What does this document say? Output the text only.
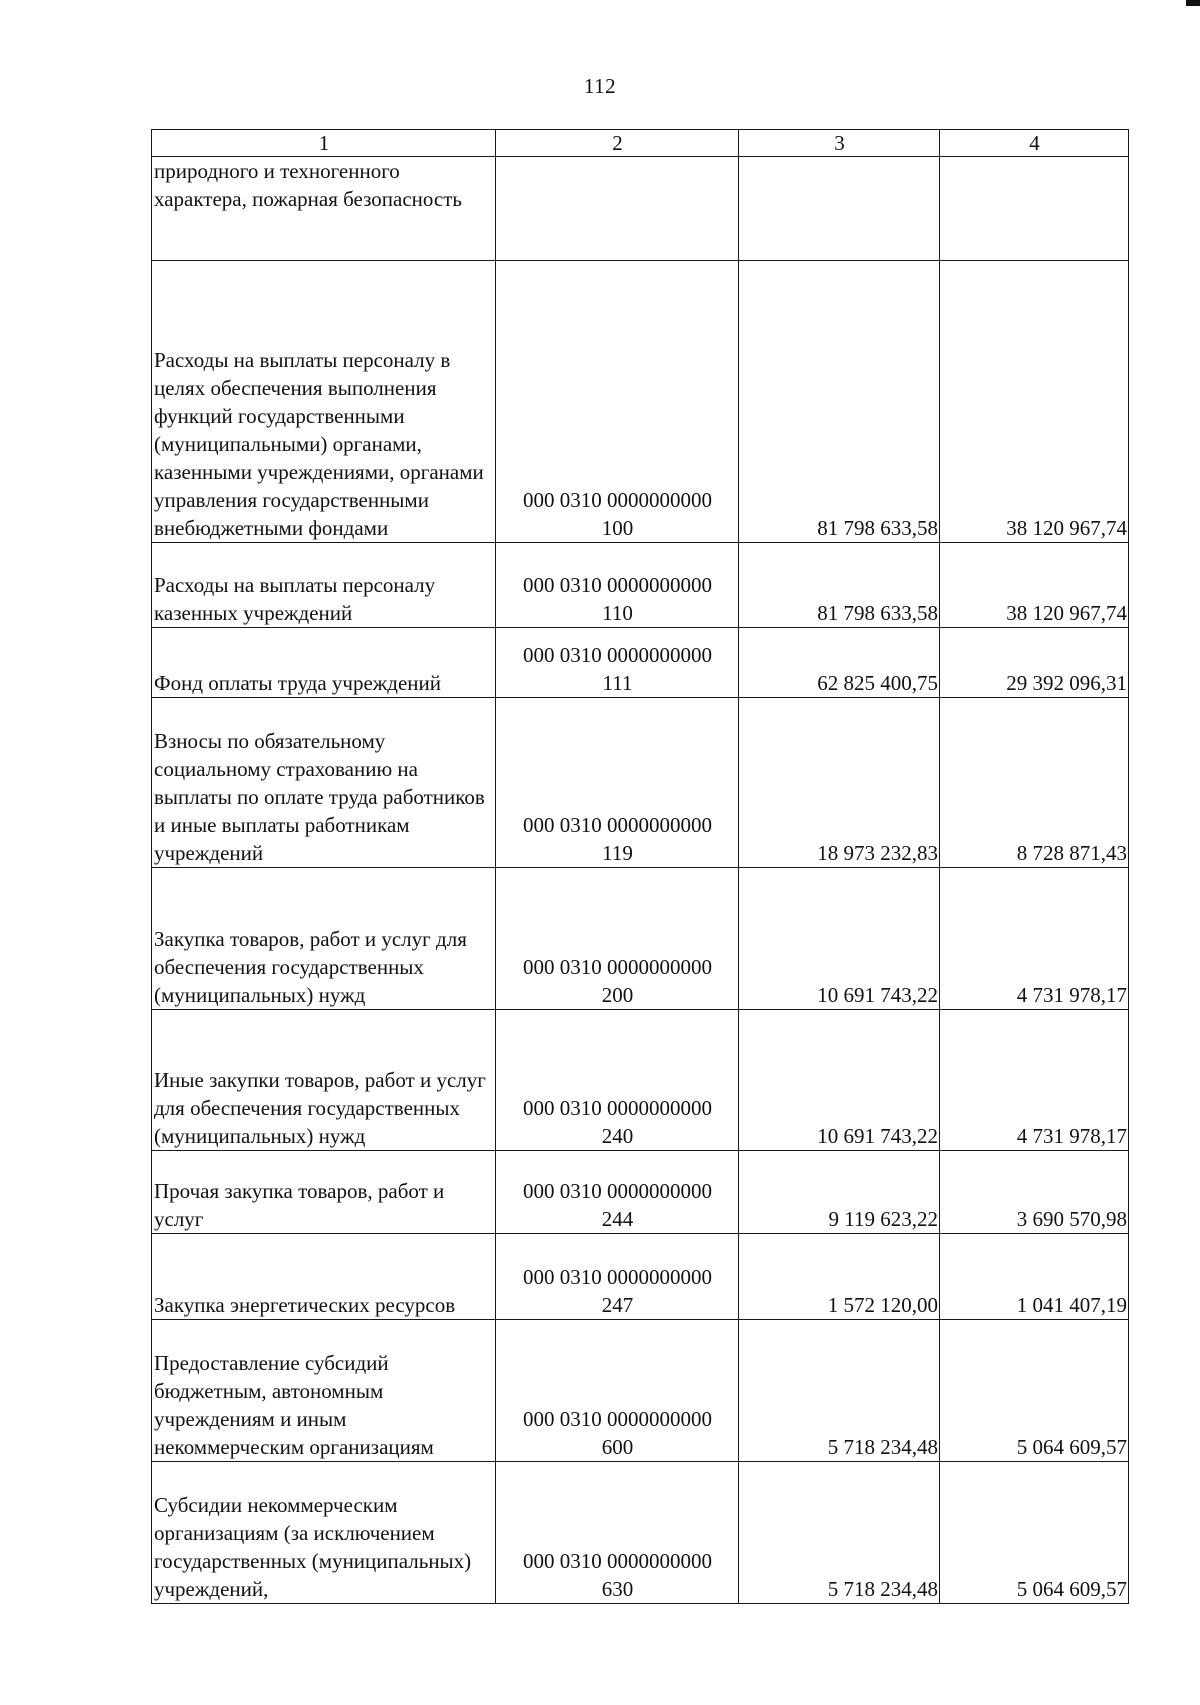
112
1	2	3	4

природного и техногенного характера, пожарная безопасность			

Расходы на выплаты персоналу в целях обеспечения выполнения функций государственными (муниципальными) органами, казенными учреждениями, органами управления государственными внебюджетными фондами	000 0310 0000000000
100	81 798 633,58	38 120 967,74

Расходы на выплаты персоналу казенных учреждений	000 0310 0000000000
110	81 798 633,58	38 120 967,74

Фонд оплаты труда учреждений	000 0310 0000000000
111	62 825 400,75	29 392 096,31

Взносы по обязательному социальному страхованию на выплаты по оплате труда работников и иные выплаты работникам учреждений	000 0310 0000000000
119	18 973 232,83	8 728 871,43

Закупка товаров, работ и услуг для обеспечения государственных (муниципальных) нужд	000 0310 0000000000
200	10 691 743,22	4 731 978,17

Иные закупки товаров, работ и услуг для обеспечения государственных (муниципальных) нужд	000 0310 0000000000
240	10 691 743,22	4 731 978,17

Прочая закупка товаров, работ и услуг	000 0310 0000000000
244	9 119 623,22	3 690 570,98

Закупка энергетических ресурсов	000 0310 0000000000
247	1 572 120,00	1 041 407,19

Предоставление субсидий бюджетным, автономным учреждениям и иным некоммерческим организациям	000 0310 0000000000
600	5 718 234,48	5 064 609,57

Субсидии некоммерческим организациям (за исключением государственных (муниципальных) учреждений,	000 0310 0000000000
630	5 718 234,48	5 064 609,57
